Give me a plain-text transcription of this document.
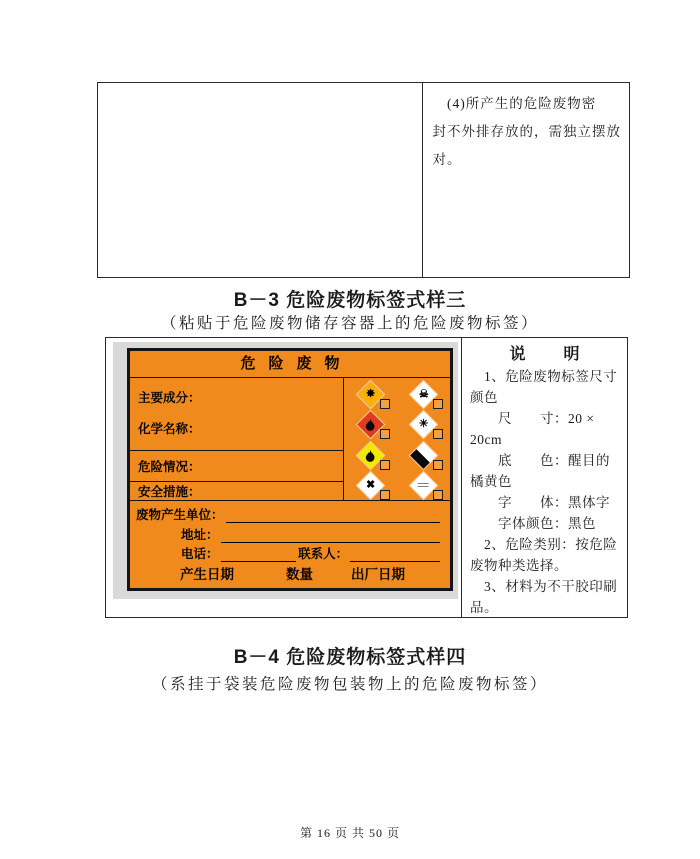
　(4)所产生的危险废物密
封不外排存放的，需独立摆放
对。
B－3 危险废物标签式样三
（粘贴于危险废物储存容器上的危险废物标签）
危险废物
主要成分：
化学名称：
危险情况：
安全措施：
✸	☠
✳
✖
废物产生单位：
地址：
电话：	联系人：
产生日期	数量	出厂日期
说　　明
　1、危险废物标签尺寸
颜色
　　尺　　寸：20 ×
20cm
　　底　　色：醒目的
橘黄色
　　字　　体：黑体字
　　字体颜色：黑色
　2、危险类别：按危险
废物种类选择。
　3、材料为不干胶印刷
品。
B－4 危险废物标签式样四
（系挂于袋装危险废物包装物上的危险废物标签）
第 16 页 共 50 页
